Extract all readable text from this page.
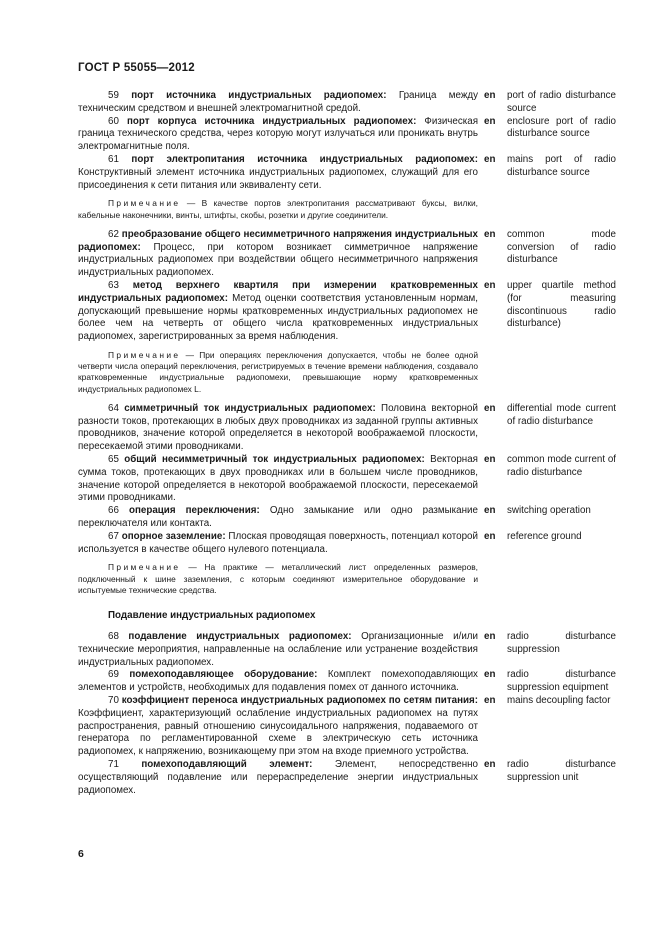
ГОСТ Р 55055—2012

59 порт источника индустриальных радиопомех: Граница между техническим средством и внешней электромагнитной средой.

en port of radio disturbance source

60 порт корпуса источника индустриальных радиопомех: Физическая граница технического средства, через которую могут излучаться или проникать внутрь электромагнитные поля.

en enclosure port of radio disturbance source

61 порт электропитания источника индустриальных радиопомех: Конструктивный элемент источника индустриальных радиопомех, служащий для его присоединения к сети питания или эквиваленту сети.

en mains port of radio disturbance source

Примечание — В качестве портов электропитания рассматривают буксы, вилки, кабельные наконечники, винты, штифты, скобы, розетки и другие соединители.

62 преобразование общего несимметричного напряжения индустриальных радиопомех: Процесс, при котором возникает симметричное напряжение индустриальных радиопомех при воздействии общего несимметричного напряжения индустриальных радиопомех.

en common mode conversion of radio disturbance

63 метод верхнего квартиля при измерении кратковременных индустриальных радиопомех: Метод оценки соответствия установленным нормам, допускающий превышение нормы кратковременных индустриальных радиопомех не более чем на четверть от общего числа кратковременных индустриальных радиопомех, зарегистрированных за время наблюдения.

en upper quartile method (for measuring discontinuous radio disturbance)

Примечание — При операциях переключения допускается, чтобы не более одной четверти числа операций переключения, регистрируемых в течение времени наблюдения, создавало кратковременные индустриальные радиопомехи, превышающие норму кратковременных индустриальных радиопомех L.

64 симметричный ток индустриальных радиопомех: Половина векторной разности токов, протекающих в любых двух проводниках из заданной группы активных проводников, значение которой определяется в некоторой воображаемой плоскости, пересекаемой этими проводниками.

en differential mode current of radio disturbance

65 общий несимметричный ток индустриальных радиопомех: Векторная сумма токов, протекающих в двух проводниках или в большем числе проводников, значение которой определяется в некоторой воображаемой плоскости, пересекаемой этими проводниками.

en common mode current of radio disturbance

66 операция переключения: Одно замыкание или одно размыкание переключателя или контакта.

en switching operation

67 опорное заземление: Плоская проводящая поверхность, потенциал которой используется в качестве общего нулевого потенциала.

en reference ground

Примечание — На практике — металлический лист определенных размеров, подключенный к шине заземления, с которым соединяют измерительное оборудование и испытуемые технические средства.

Подавление индустриальных радиопомех

68 подавление индустриальных радиопомех: Организационные и/или технические мероприятия, направленные на ослабление или устранение воздействия индустриальных радиопомех.

en radio disturbance suppression

69 помехоподавляющее оборудование: Комплект помехоподавляющих элементов и устройств, необходимых для подавления помех от данного источника.

en radio disturbance suppression equipment

70 коэффициент переноса индустриальных радиопомех по сетям питания: Коэффициент, характеризующий ослабление индустриальных радиопомех на путях распространения, равный отношению синусоидального напряжения, подаваемого от генератора по регламентированной схеме в электрическую сеть источника радиопомех, к напряжению, возникающему при этом на входе приемного устройства.

en mains decoupling factor

71 помехоподавляющий элемент: Элемент, непосредственно осуществляющий подавление или перераспределение энергии индустриальных радиопомех.

en radio disturbance suppression unit
6
